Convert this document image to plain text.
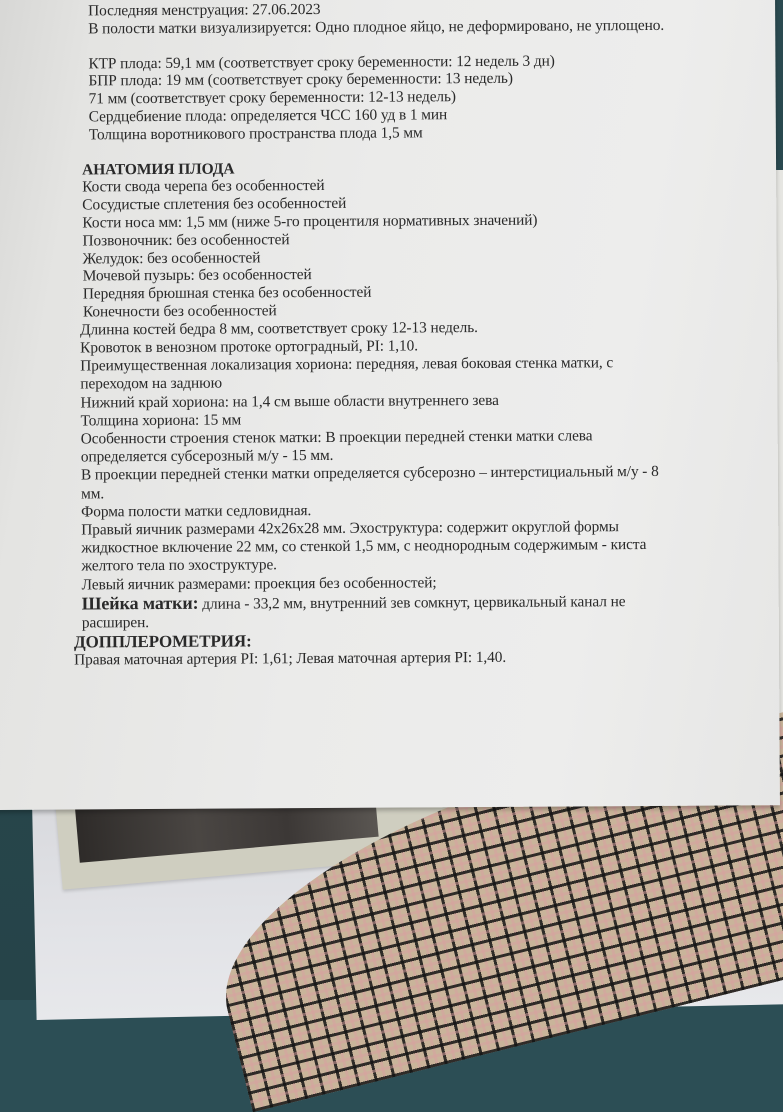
Последняя менструация: 27.06.2023
В полости матки визуализируется: Одно плодное яйцо, не деформировано, не уплощено.
КТР плода: 59,1 мм (соответствует сроку беременности: 12 недель 3 дн)
БПР плода: 19 мм (соответствует сроку беременности: 13 недель)
71 мм (соответствует сроку беременности: 12-13 недель)
Сердцебиение плода: определяется ЧСС 160 уд в 1 мин
Толщина воротникового пространства плода 1,5 мм
АНАТОМИЯ ПЛОДА
Кости свода черепа без особенностей
Сосудистые сплетения без особенностей
Кости носа мм: 1,5 мм (ниже 5-го процентиля нормативных значений)
Позвоночник: без особенностей
Желудок: без особенностей
Мочевой пузырь: без особенностей
Передняя брюшная стенка без особенностей
Конечности без особенностей
Длинна костей бедра 8 мм, соответствует сроку 12-13 недель.
Кровоток в венозном протоке ортоградный, PI: 1,10.
Преимущественная локализация хориона: передняя, левая боковая стенка матки, с
переходом на заднюю
Нижний край хориона: на 1,4 см выше области внутреннего зева
Толщина хориона: 15 мм
Особенности строения стенок матки: В проекции передней стенки матки слева
определяется субсерозный м/у - 15 мм.
В проекции передней стенки матки определяется субсерозно – интерстициальный м/у - 8
мм.
Форма полости матки седловидная.
Правый яичник размерами 42x26x28 мм. Эхоструктура: содержит округлой формы
жидкостное включение 22 мм, со стенкой 1,5 мм, с неоднородным содержимым - киста
желтого тела по эхоструктуре.
Левый яичник размерами: проекция без особенностей;
Шейка матки: длина - 33,2 мм, внутренний зев сомкнут, цервикальный канал не
расширен.
ДОППЛЕРОМЕТРИЯ:
Правая маточная артерия PI: 1,61; Левая маточная артерия PI: 1,40.
